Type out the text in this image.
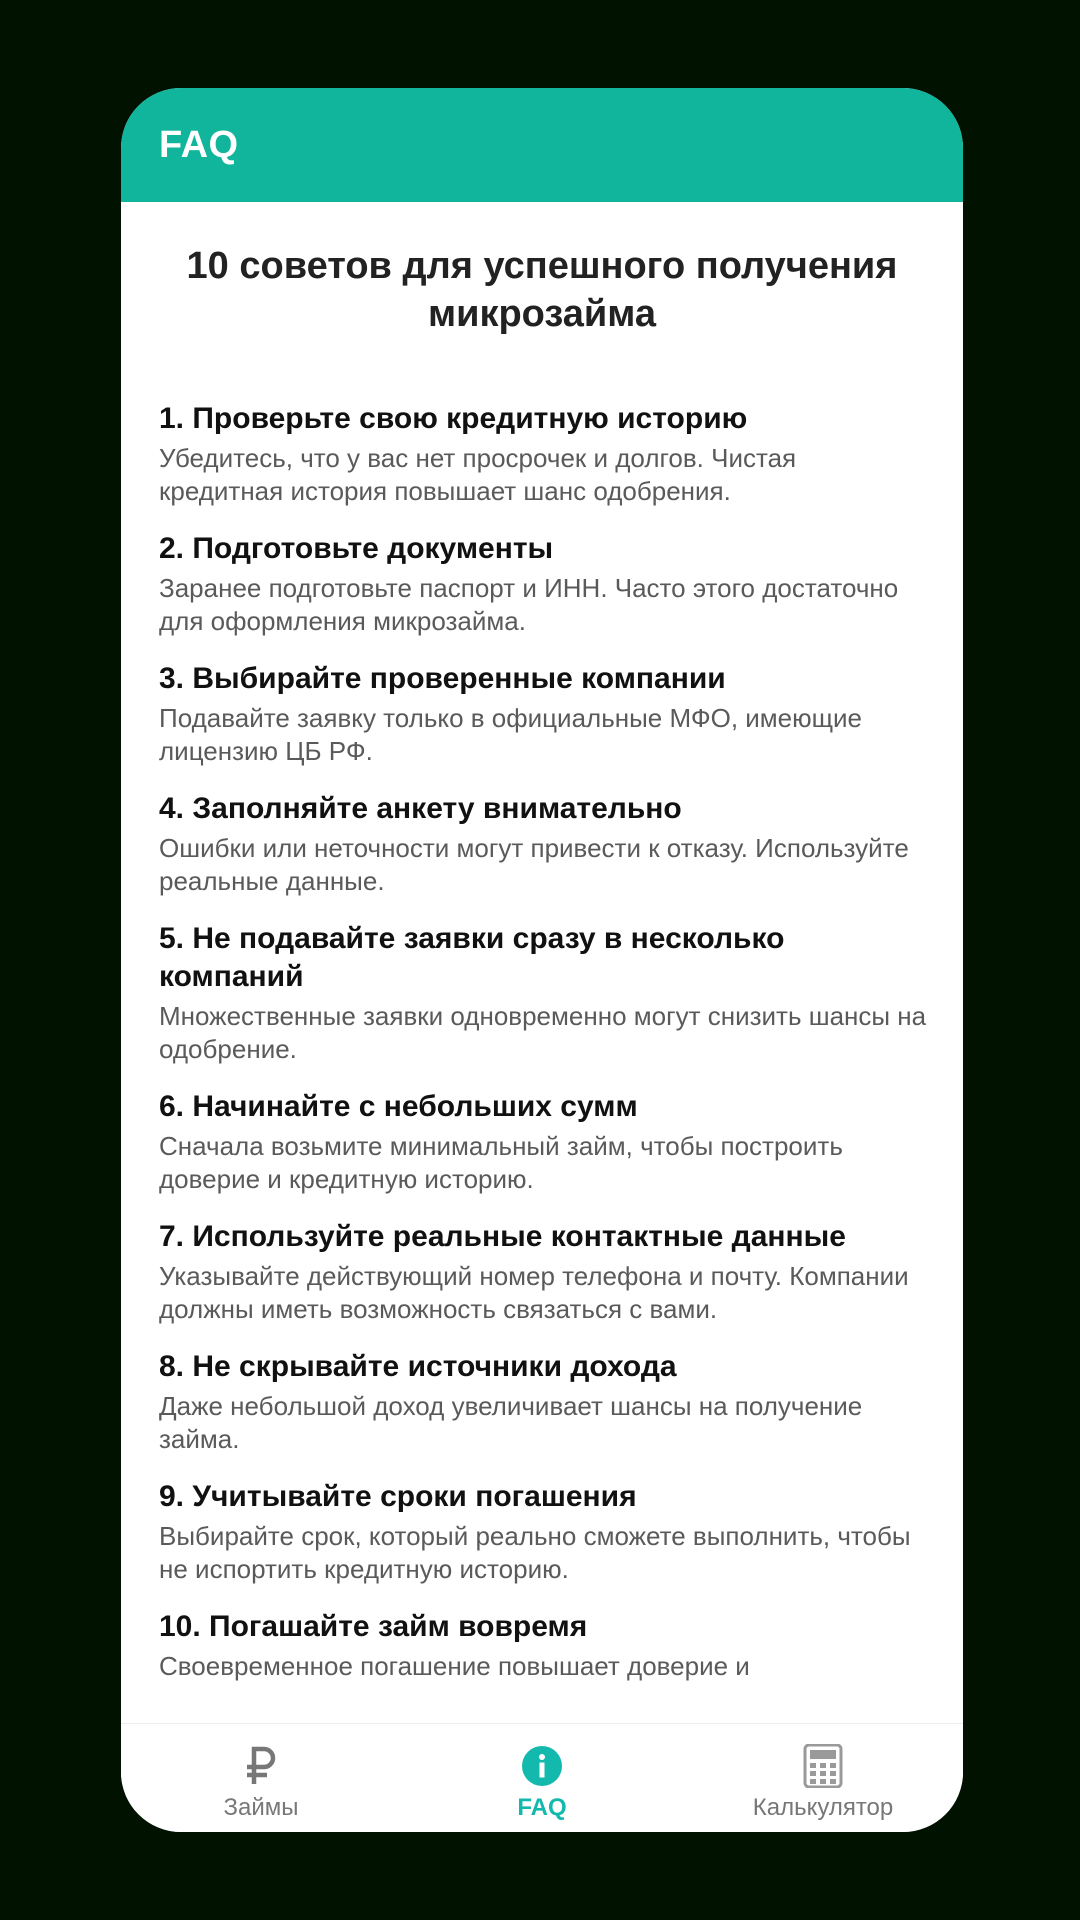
FAQ
10 советов для успешного получения микрозайма
1. Проверьте свою кредитную историю
Убедитесь, что у вас нет просрочек и долгов. Чистая кредитная история повышает шанс одобрения.
2. Подготовьте документы
Заранее подготовьте паспорт и ИНН. Часто этого достаточно для оформления микрозайма.
3. Выбирайте проверенные компании
Подавайте заявку только в официальные МФО, имеющие лицензию ЦБ РФ.
4. Заполняйте анкету внимательно
Ошибки или неточности могут привести к отказу. Используйте реальные данные.
5. Не подавайте заявки сразу в несколько компаний
Множественные заявки одновременно могут снизить шансы на одобрение.
6. Начинайте с небольших сумм
Сначала возьмите минимальный займ, чтобы построить доверие и кредитную историю.
7. Используйте реальные контактные данные
Указывайте действующий номер телефона и почту. Компании должны иметь возможность связаться с вами.
8. Не скрывайте источники дохода
Даже небольшой доход увеличивает шансы на получение займа.
9. Учитывайте сроки погашения
Выбирайте срок, который реально сможете выполнить, чтобы не испортить кредитную историю.
10. Погашайте займ вовремя
Своевременное погашение повышает доверие и
Займы	FAQ	Калькулятор
